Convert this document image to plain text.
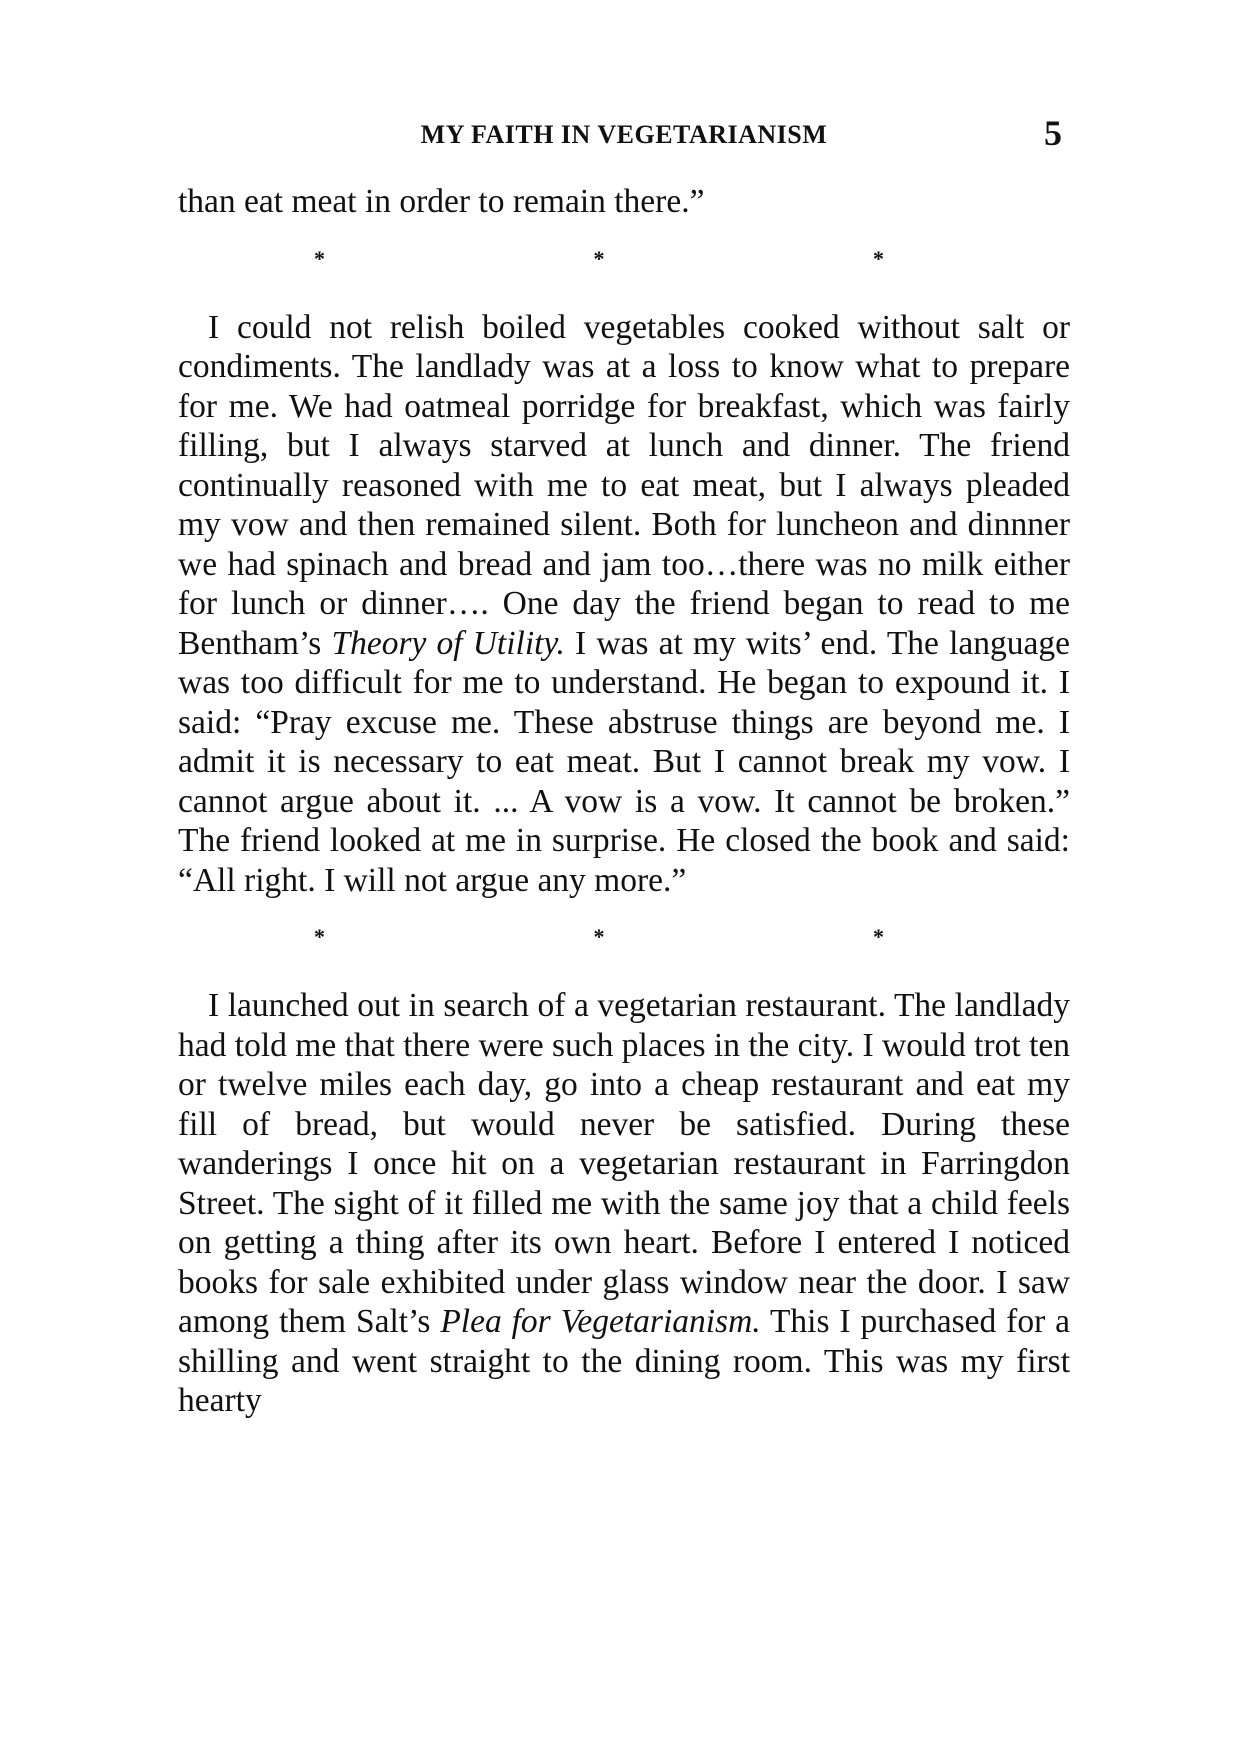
MY FAITH IN VEGETARIANISM	5

than eat meat in order to remain there.”

*	*	*

I could not relish boiled vegetables cooked without salt or condiments. The landlady was at a loss to know what to prepare for me. We had oatmeal porridge for breakfast, which was fairly filling, but I always starved at lunch and dinner. The friend continually reasoned with me to eat meat, but I always pleaded my vow and then remained silent. Both for luncheon and dinnner we had spinach and bread and jam too…there was no milk either for lunch or dinner…. One day the friend began to read to me Bentham’s Theory of Utility. I was at my wits’ end. The language was too difficult for me to understand. He began to expound it. I said: “Pray excuse me. These abstruse things are beyond me. I admit it is necessary to eat meat. But I cannot break my vow. I cannot argue about it. ... A vow is a vow. It cannot be broken.” The friend looked at me in surprise. He closed the book and said: “All right. I will not argue any more.”

*	*	*

I launched out in search of a vegetarian restaurant. The landlady had told me that there were such places in the city. I would trot ten or twelve miles each day, go into a cheap restaurant and eat my fill of bread, but would never be satisfied. During these wanderings I once hit on a vegetarian restaurant in Farringdon Street. The sight of it filled me with the same joy that a child feels on getting a thing after its own heart. Before I entered I noticed books for sale exhibited under glass window near the door. I saw among them Salt’s Plea for Vegetarianism. This I purchased for a shilling and went straight to the dining room. This was my first hearty
